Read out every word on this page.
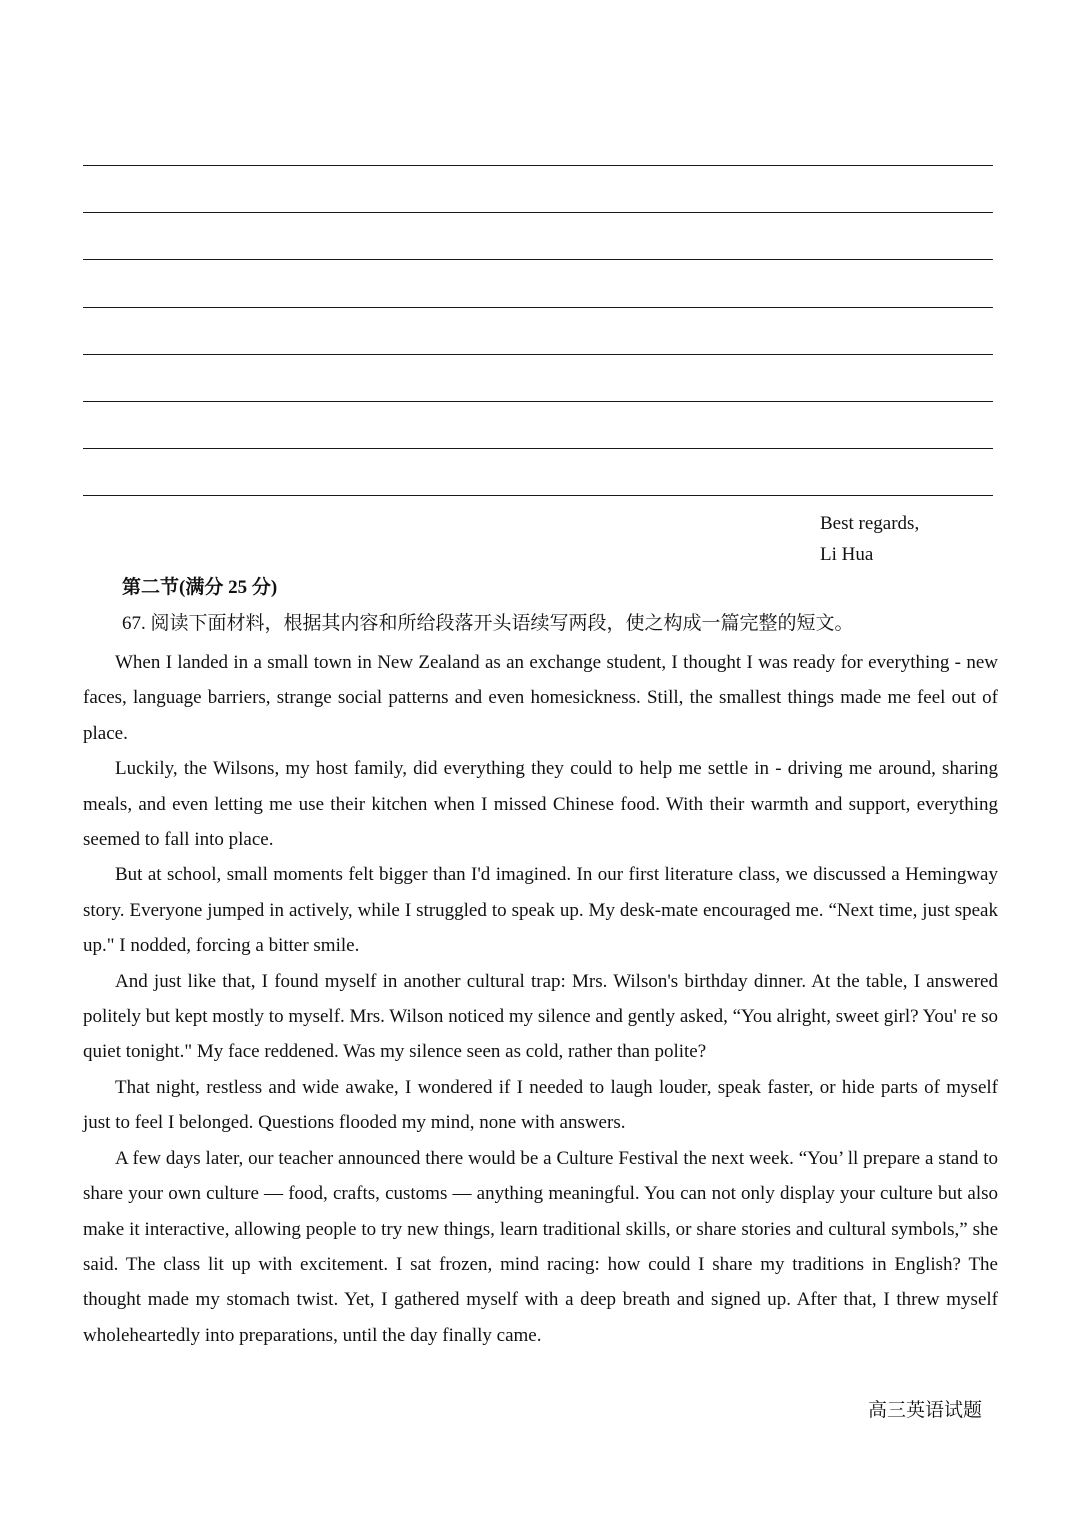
Best regards,
Li Hua
第二节(满分 25 分)
67. 阅读下面材料，根据其内容和所给段落开头语续写两段，使之构成一篇完整的短文。

When I landed in a small town in New Zealand as an exchange student, I thought I was ready for everything - new faces, language barriers, strange social patterns and even homesickness. Still, the smallest things made me feel out of place.

Luckily, the Wilsons, my host family, did everything they could to help me settle in - driving me around, sharing meals, and even letting me use their kitchen when I missed Chinese food. With their warmth and support, everything seemed to fall into place.

But at school, small moments felt bigger than I'd imagined. In our first literature class, we discussed a Hemingway story. Everyone jumped in actively, while I struggled to speak up. My desk-mate encouraged me. “Next time, just speak up." I nodded, forcing a bitter smile.

And just like that, I found myself in another cultural trap: Mrs. Wilson's birthday dinner. At the table, I answered politely but kept mostly to myself. Mrs. Wilson noticed my silence and gently asked, “You alright, sweet girl? You' re so quiet tonight." My face reddened. Was my silence seen as cold, rather than polite?

That night, restless and wide awake, I wondered if I needed to laugh louder, speak faster, or hide parts of myself just to feel I belonged. Questions flooded my mind, none with answers.

A few days later, our teacher announced there would be a Culture Festival the next week. “You’ ll prepare a stand to share your own culture — food, crafts, customs — anything meaningful. You can not only display your culture but also make it interactive, allowing people to try new things, learn traditional skills, or share stories and cultural symbols,” she said. The class lit up with excitement. I sat frozen, mind racing: how could I share my traditions in English? The thought made my stomach twist. Yet, I gathered myself with a deep breath and signed up. After that, I threw myself wholeheartedly into preparations, until the day finally came.

高三英语试题
